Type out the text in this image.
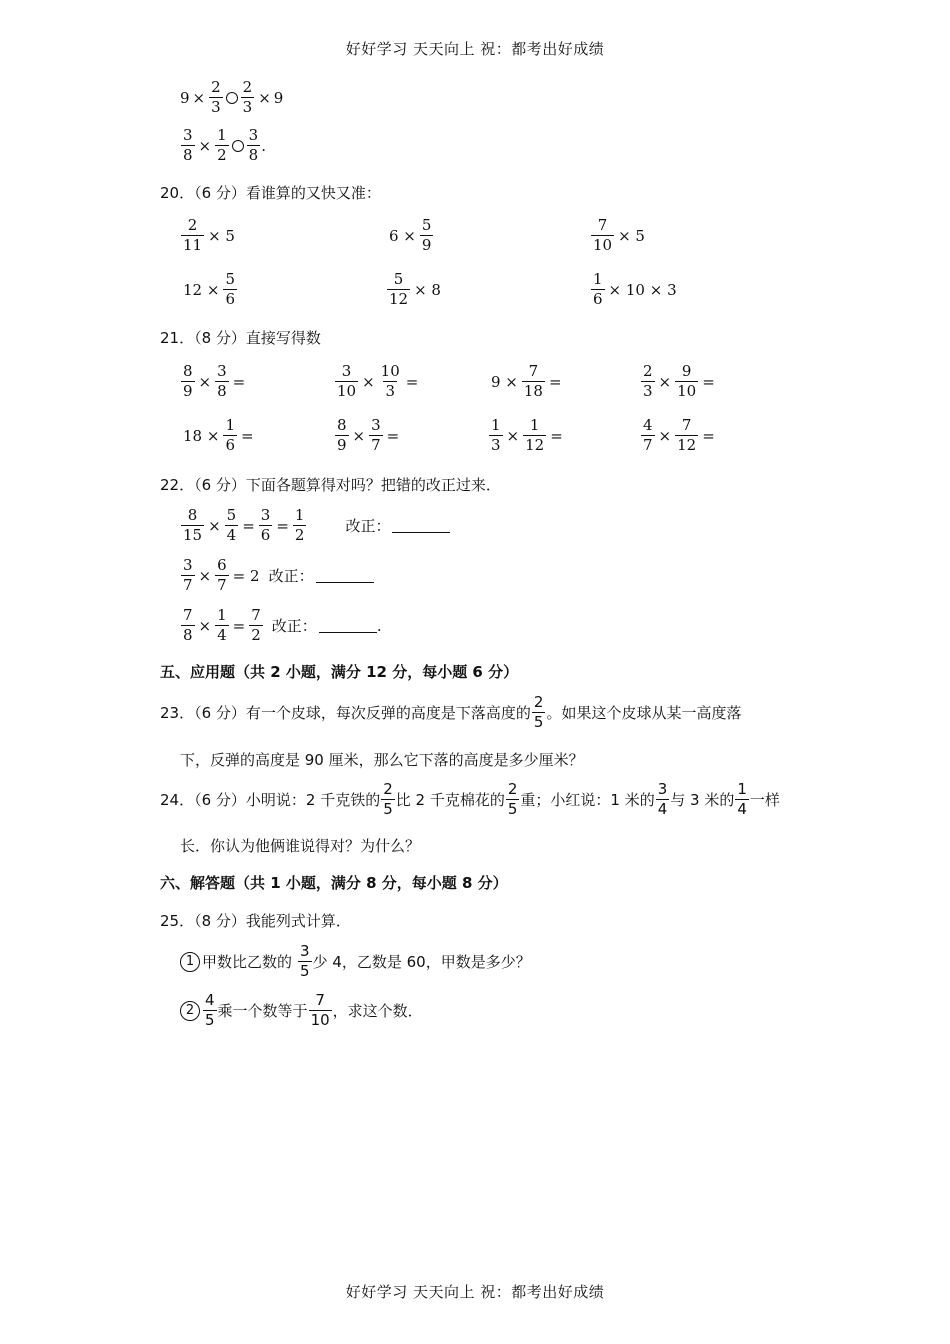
好好学习 天天向上 祝：都考出好成绩
$9 \times \frac{2}{3} \frac{2}{3} \times 9$
$\frac{3}{8} \times \frac{1}{2} \frac{3}{8}$ .
20．（6 分）看谁算的又快又准：
$\frac{2}{11} \times 5$	$6 \times \frac{5}{9}$	$\frac{7}{10} \times 5$
$12 \times \frac{5}{6}$	$\frac{5}{12} \times 8$	$\frac{1}{6} \times 10 \times 3$
21．（8 分）直接写得数
$\frac{8}{9} \times \frac{3}{8}$ =	$\frac{3}{10} \times \frac{10}{3}$ =	$9 \times \frac{7}{18}$ =	$\frac{2}{3} \times \frac{9}{10}$ =
$18 \times \frac{1}{6}$ =	$\frac{8}{9} \times \frac{3}{7}$ =	$\frac{1}{3} \times \frac{1}{12}$ =	$\frac{4}{7} \times \frac{7}{12}$ =
22．（6 分）下面各题算得对吗？把错的改正过来．
$\frac{8}{15} \times \frac{5}{4} = \frac{3}{6} = \frac{1}{2}$	改正：
$\frac{3}{7} \times \frac{6}{7} = 2$ 改正：
$\frac{7}{8} \times \frac{1}{4} = \frac{7}{2}$ 改正：	.
五、应用题（共 2 小题，满分 12 分，每小题 6 分）
23．（6 分）有一个皮球，每次反弹的高度是下落高度的 $\frac{2}{5}$ 。如果这个皮球从某一高度落
下，反弹的高度是 90 厘米，那么它下落的高度是多少厘米？
24．（6 分）小明说：2 千克铁的 $\frac{2}{5}$ 比 2 千克棉花的 $\frac{2}{5}$ 重；小红说：1 米的 $\frac{3}{4}$ 与 3 米的 $\frac{1}{4}$ 一样
长．你认为他俩谁说得对？为什么？
六、解答题（共 1 小题，满分 8 分，每小题 8 分）
25．（8 分）我能列式计算．
1 甲数比乙数的 $\frac{3}{5}$ 少 4，乙数是 60，甲数是多少？
$2 \frac{4}{5}$ 乘一个数等于 $\frac{7}{10}$ ，求这个数．
好好学习 天天向上 祝：都考出好成绩
